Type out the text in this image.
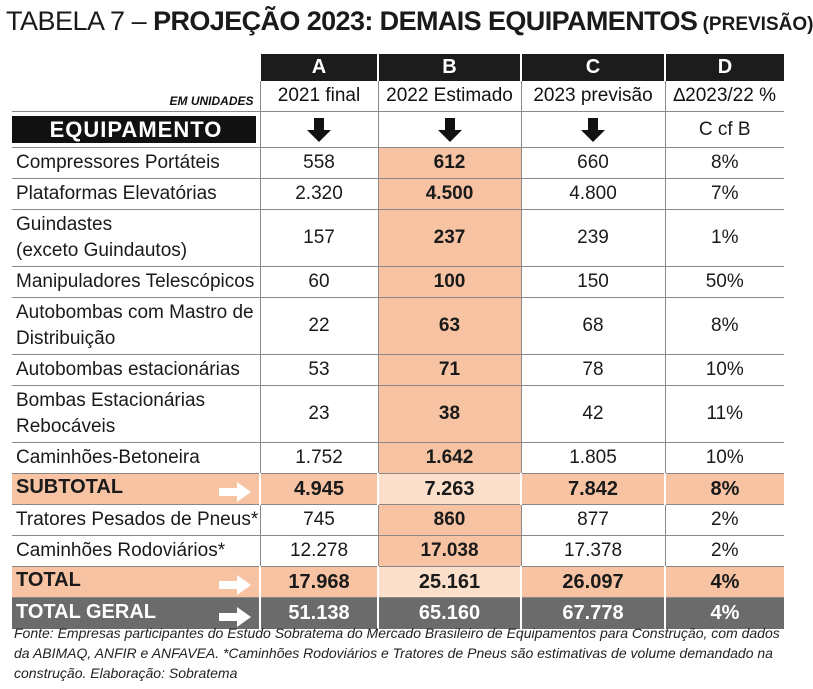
TABELA 7 – PROJEÇÃO 2023: DEMAIS EQUIPAMENTOS (PREVISÃO)
	A	B	C	D
EM UNIDADES	2021 final	2022 Estimado	2023 previsão	∆2023/22 %

EQUIPAMENTO				C cf B

Compressores Portáteis	558	612	660	8%

Plataformas Elevatórias	2.320	4.500	4.800	7%

Guindastes
(exceto Guindautos)	157	237	239	1%

Manipuladores Telescópicos	60	100	150	50%

Autobombas com Mastro de
Distribuição	22	63	68	8%

Autobombas estacionárias	53	71	78	10%

Bombas Estacionárias
Rebocáveis	23	38	42	11%

Caminhões-Betoneira	1.752	1.642	1.805	10%
SUBTOTAL	4.945	7.263	7.842	8%

Tratores Pesados de Pneus*	745	860	877	2%

Caminhões Rodoviários*	12.278	17.038	17.378	2%
TOTAL	17.968	25.161	26.097	4%
TOTAL GERAL	51.138	65.160	67.778	4%
Fonte: Empresas participantes do Estudo Sobratema do Mercado Brasileiro de Equipamentos para Construção, com dados da ABIMAQ, ANFIR e ANFAVEA. *Caminhões Rodoviários e Tratores de Pneus são estimativas de volume demandado na construção. Elaboração: Sobratema
